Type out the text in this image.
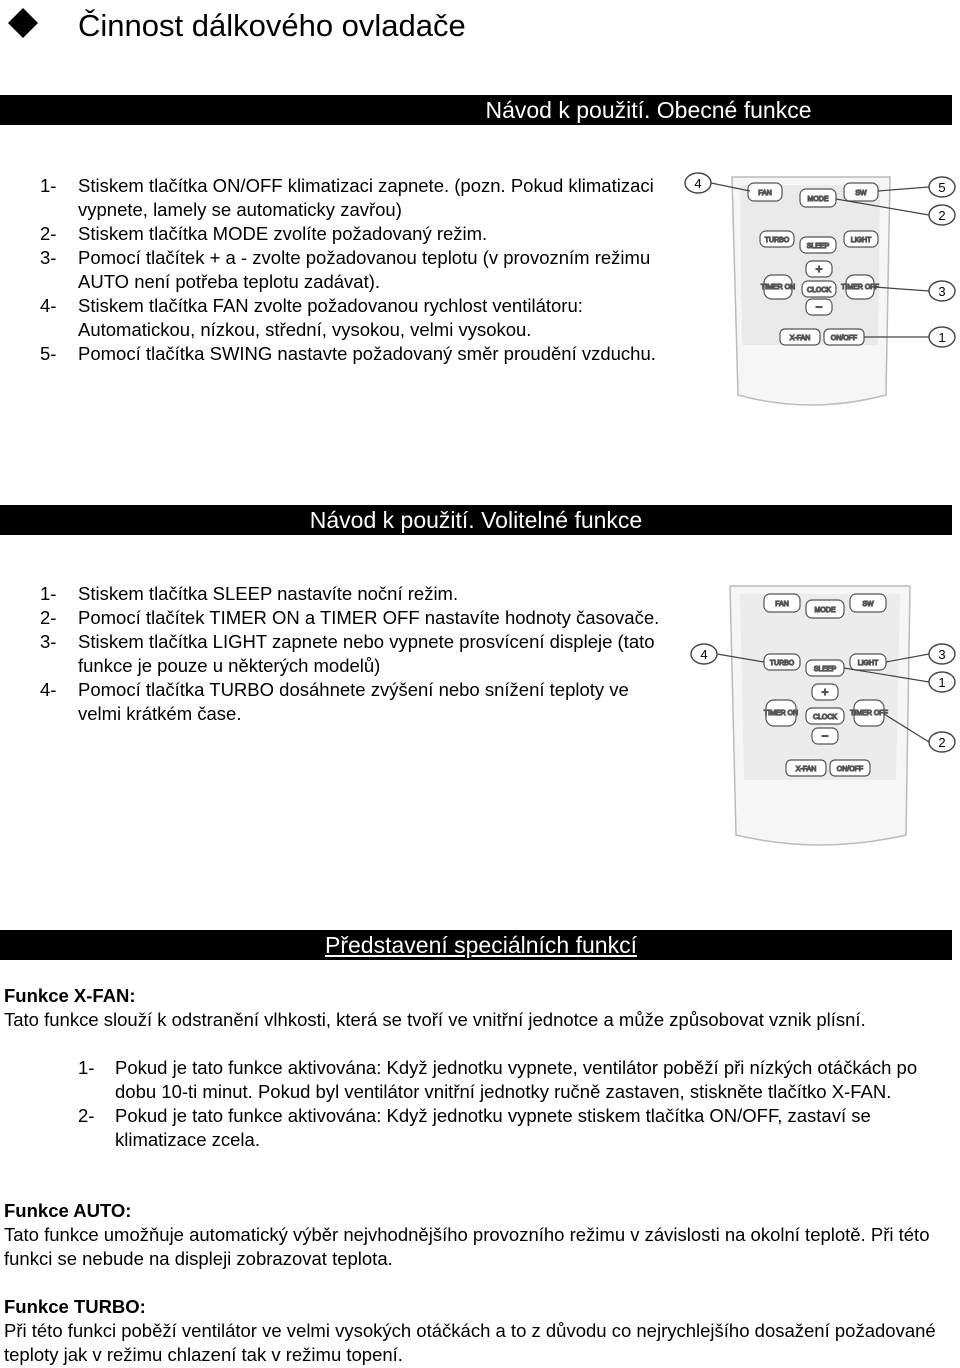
Činnost dálkového ovladače
Návod k použití. Obecné funkce
1- Stiskem tlačítka ON/OFF klimatizaci zapnete. (pozn. Pokud klimatizaci vypnete, lamely se automaticky zavřou)
2- Stiskem tlačítka MODE zvolíte požadovaný režim.
3- Pomocí tlačítek + a - zvolte požadovanou teplotu (v provozním režimu AUTO není potřeba teplotu zadávat).
4- Stiskem tlačítka FAN zvolte požadovanou rychlost ventilátoru: Automatickou, nízkou, střední, vysokou, velmi vysokou.
5- Pomocí tlačítka SWING nastavte požadovaný směr proudění vzduchu.
FAN
MODE
SW
TURBO
SLEEP
LIGHT
+
TIMER ON CLOCK TIMER OFF
−
X-FAN	ON/OFF
4	5
2
3
1
Návod k použití. Volitelné funkce
1- Stiskem tlačítka SLEEP nastavíte noční režim.
2- Pomocí tlačítek TIMER ON a TIMER OFF nastavíte hodnoty časovače.
3- Stiskem tlačítka LIGHT zapnete nebo vypnete prosvícení displeje (tato funkce je pouze u některých modelů)
4- Pomocí tlačítka TURBO dosáhnete zvýšení nebo snížení teploty ve velmi krátkém čase.
FAN
MODE
SW
TURBO
SLEEP
LIGHT
+
TIMER ON
CLOCK
TIMER OFF
−
X-FAN	ON/OFF
4	3
1
2
Představení speciálních funkcí
Funkce X-FAN:
Tato funkce slouží k odstranění vlhkosti, která se tvoří ve vnitřní jednotce a může způsobovat vznik plísní.
1- Pokud je tato funkce aktivována: Když jednotku vypnete, ventilátor poběží při nízkých otáčkách po dobu 10-ti minut. Pokud byl ventilátor vnitřní jednotky ručně zastaven, stiskněte tlačítko X-FAN.
2- Pokud je tato funkce aktivována: Když jednotku vypnete stiskem tlačítka ON/OFF, zastaví se klimatizace zcela.
Funkce AUTO:
Tato funkce umožňuje automatický výběr nejvhodnějšího provozního režimu v závislosti na okolní teplotě. Při této funkci se nebude na displeji zobrazovat teplota.
Funkce TURBO:
Při této funkci poběží ventilátor ve velmi vysokých otáčkách a to z důvodu co nejrychlejšího dosažení požadované teploty jak v režimu chlazení tak v režimu topení.
